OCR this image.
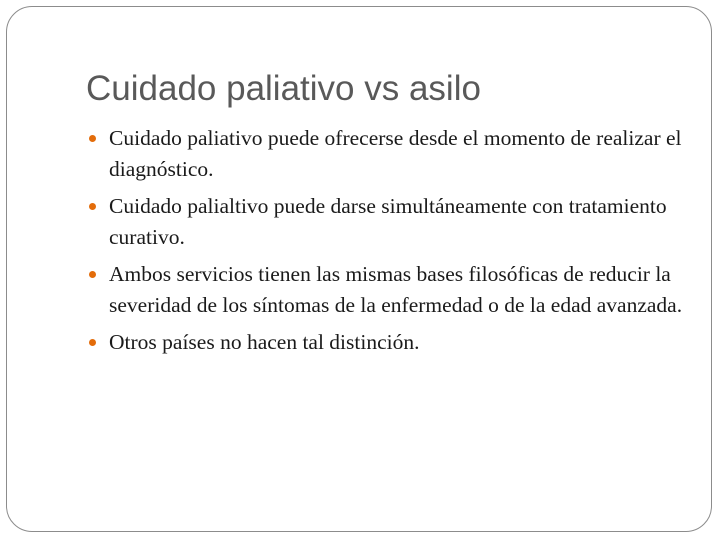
Cuidado paliativo vs asilo
Cuidado paliativo puede ofrecerse desde el momento de realizar el diagnóstico.
Cuidado palialtivo puede darse simultáneamente con tratamiento curativo.
Ambos servicios tienen las mismas bases filosóficas de reducir la severidad de los síntomas de la enfermedad o de la edad avanzada.
Otros países no hacen tal distinción.
